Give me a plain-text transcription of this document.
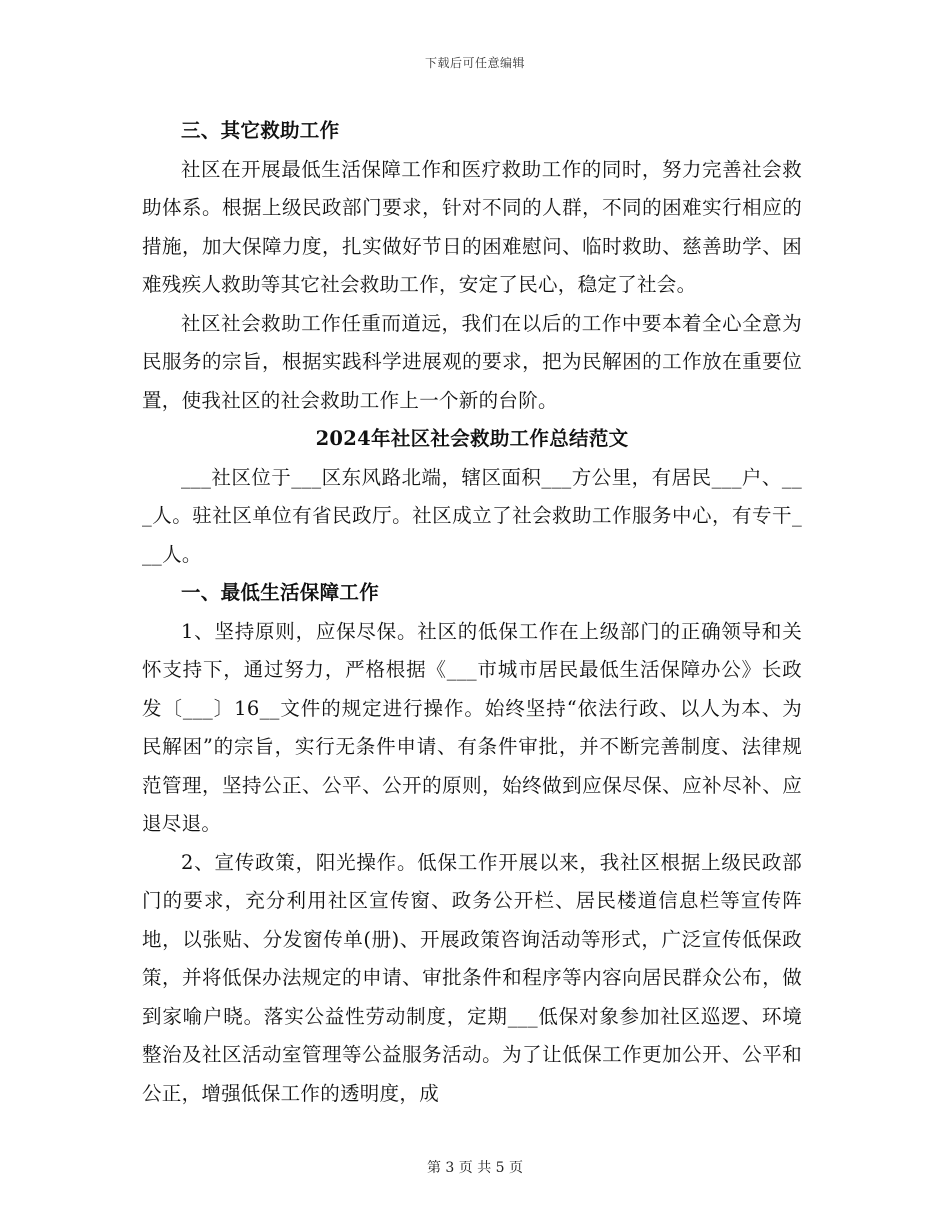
下载后可任意编辑

三、其它救助工作

社区在开展最低生活保障工作和医疗救助工作的同时，努力完善社会救助体系。根据上级民政部门要求，针对不同的人群，不同的困难实行相应的措施，加大保障力度，扎实做好节日的困难慰问、临时救助、慈善助学、困难残疾人救助等其它社会救助工作，安定了民心，稳定了社会。

社区社会救助工作任重而道远，我们在以后的工作中要本着全心全意为民服务的宗旨，根据实践科学进展观的要求，把为民解困的工作放在重要位置，使我社区的社会救助工作上一个新的台阶。

2024年社区社会救助工作总结范文

___社区位于___区东风路北端，辖区面积___方公里，有居民___户、___人。驻社区单位有省民政厅。社区成立了社会救助工作服务中心，有专干___人。

一、最低生活保障工作

1、坚持原则，应保尽保。社区的低保工作在上级部门的正确领导和关怀支持下，通过努力，严格根据《___市城市居民最低生活保障办公》长政发〔___〕16__文件的规定进行操作。始终坚持“依法行政、以人为本、为民解困”的宗旨，实行无条件申请、有条件审批，并不断完善制度、法律规范管理，坚持公正、公平、公开的原则，始终做到应保尽保、应补尽补、应退尽退。

2、宣传政策，阳光操作。低保工作开展以来，我社区根据上级民政部门的要求，充分利用社区宣传窗、政务公开栏、居民楼道信息栏等宣传阵地，以张贴、分发窗传单(册)、开展政策咨询活动等形式，广泛宣传低保政策，并将低保办法规定的申请、审批条件和程序等内容向居民群众公布，做到家喻户晓。落实公益性劳动制度，定期___低保对象参加社区巡逻、环境整治及社区活动室管理等公益服务活动。为了让低保工作更加公开、公平和公正，增强低保工作的透明度，成

第 3 页 共 5 页
